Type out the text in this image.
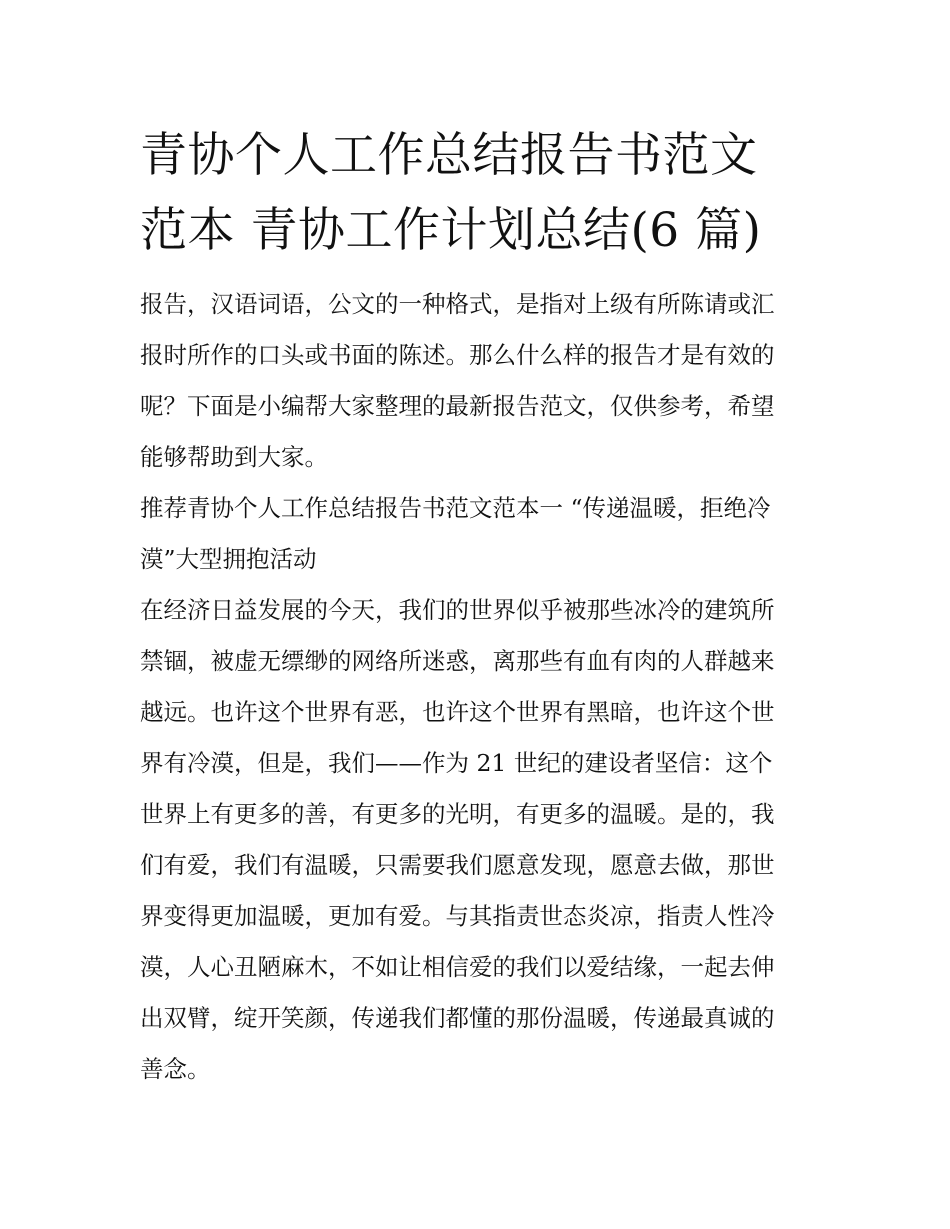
青协个人工作总结报告书范文
范本 青协工作计划总结(6 篇)

报告，汉语词语，公文的一种格式，是指对上级有所陈请或汇
报时所作的口头或书面的陈述。那么什么样的报告才是有效的
呢？下面是小编帮大家整理的最新报告范文，仅供参考，希望
能够帮助到大家。

推荐青协个人工作总结报告书范文范本一 “传递温暖，拒绝冷
漠”大型拥抱活动

在经济日益发展的今天，我们的世界似乎被那些冰冷的建筑所
禁锢，被虚无缥缈的网络所迷惑，离那些有血有肉的人群越来
越远。也许这个世界有恶，也许这个世界有黑暗，也许这个世
界有冷漠，但是，我们——作为 21 世纪的建设者坚信：这个
世界上有更多的善，有更多的光明，有更多的温暖。是的，我
们有爱，我们有温暖，只需要我们愿意发现，愿意去做，那世
界变得更加温暖，更加有爱。与其指责世态炎凉，指责人性冷
漠，人心丑陋麻木，不如让相信爱的我们以爱结缘，一起去伸
出双臂，绽开笑颜，传递我们都懂的那份温暖，传递最真诚的
善念。
